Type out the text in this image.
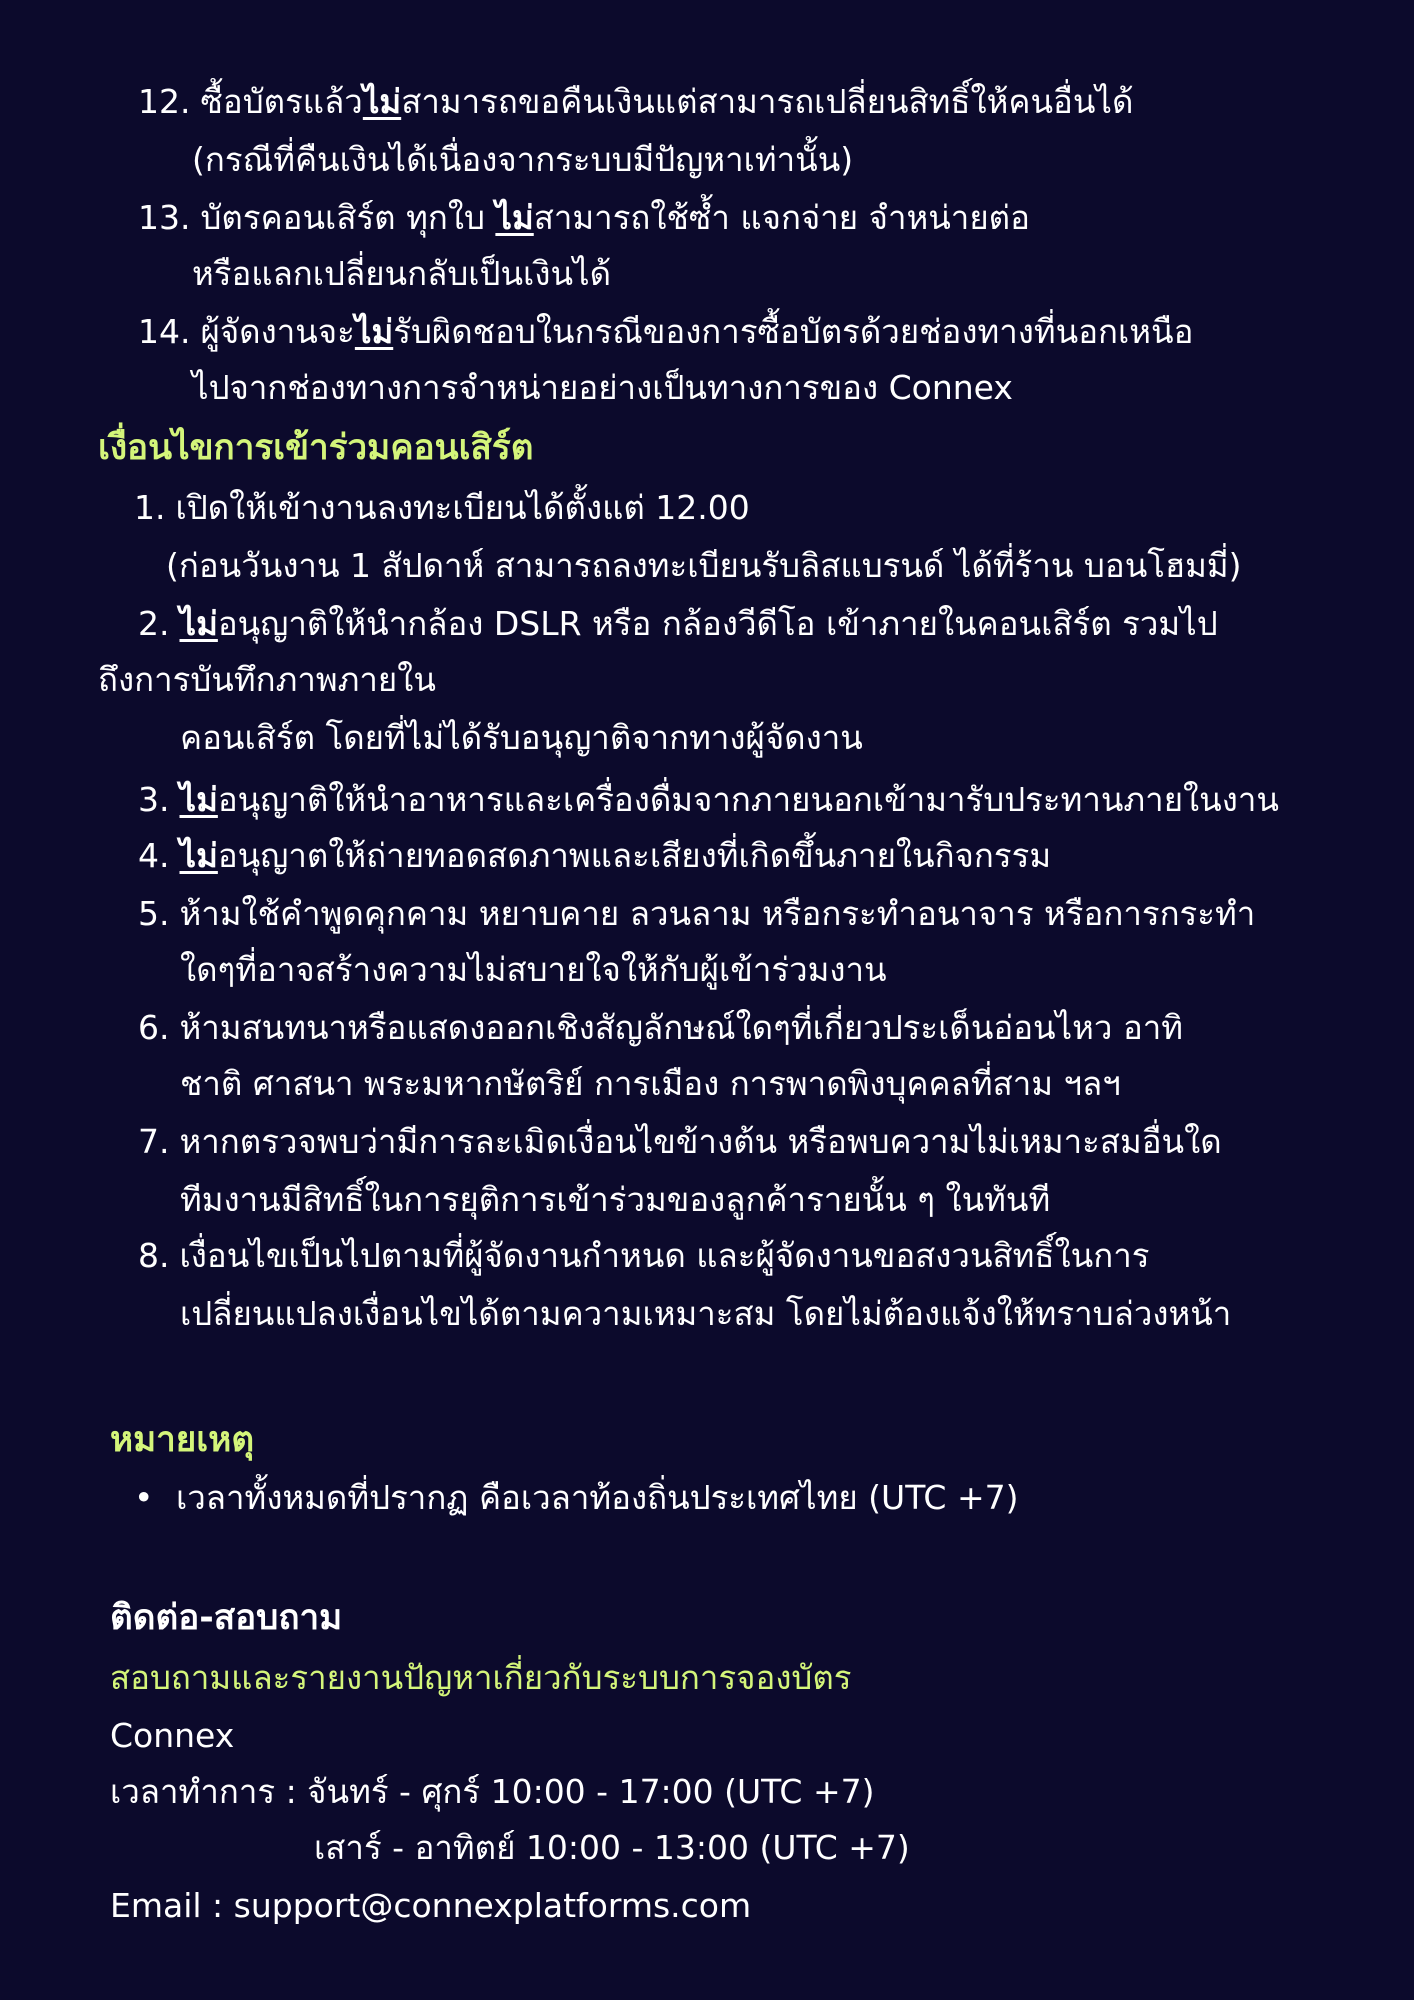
12. ซื้อบัตรแล้วไม่สามารถขอคืนเงินแต่สามารถเปลี่ยนสิทธิ์ให้คนอื่นได้

(กรณีที่คืนเงินได้เนื่องจากระบบมีปัญหาเท่านั้น)

13. บัตรคอนเสิร์ต ทุกใบ ไม่สามารถใช้ซ้ำ แจกจ่าย จำหน่ายต่อ

หรือแลกเปลี่ยนกลับเป็นเงินได้

14. ผู้จัดงานจะไม่รับผิดชอบในกรณีของการซื้อบัตรด้วยช่องทางที่นอกเหนือ

ไปจากช่องทางการจำหน่ายอย่างเป็นทางการของ Connex

เงื่อนไขการเข้าร่วมคอนเสิร์ต

1. เปิดให้เข้างานลงทะเบียนได้ตั้งแต่ 12.00

(ก่อนวันงาน 1 สัปดาห์ สามารถลงทะเบียนรับลิสแบรนด์ ได้ที่ร้าน บอนโฮมมี่)

2. ไม่อนุญาติให้นำกล้อง DSLR หรือ กล้องวีดีโอ เข้าภายในคอนเสิร์ต รวมไป

ถึงการบันทึกภาพภายใน

คอนเสิร์ต โดยที่ไม่ได้รับอนุญาติจากทางผู้จัดงาน

3. ไม่อนุญาติให้นำอาหารและเครื่องดื่มจากภายนอกเข้ามารับประทานภายในงาน

4. ไม่อนุญาตให้ถ่ายทอดสดภาพและเสียงที่เกิดขึ้นภายในกิจกรรม

5. ห้ามใช้คำพูดคุกคาม หยาบคาย ลวนลาม หรือกระทำอนาจาร หรือการกระทำ

ใดๆที่อาจสร้างความไม่สบายใจให้กับผู้เข้าร่วมงาน

6. ห้ามสนทนาหรือแสดงออกเชิงสัญลักษณ์ใดๆที่เกี่ยวประเด็นอ่อนไหว อาทิ

ชาติ ศาสนา พระมหากษัตริย์ การเมือง การพาดพิงบุคคลที่สาม ฯลฯ

7. หากตรวจพบว่ามีการละเมิดเงื่อนไขข้างต้น หรือพบความไม่เหมาะสมอื่นใด

ทีมงานมีสิทธิ์ในการยุติการเข้าร่วมของลูกค้ารายนั้น ๆ ในทันที

8. เงื่อนไขเป็นไปตามที่ผู้จัดงานกำหนด และผู้จัดงานขอสงวนสิทธิ์ในการ

เปลี่ยนแปลงเงื่อนไขได้ตามความเหมาะสม โดยไม่ต้องแจ้งให้ทราบล่วงหน้า

หมายเหตุ

• เวลาทั้งหมดที่ปรากฏ คือเวลาท้องถิ่นประเทศไทย (UTC +7)

ติดต่อ-สอบถาม

สอบถามและรายงานปัญหาเกี่ยวกับระบบการจองบัตร

Connex

เวลาทำการ : จันทร์ - ศุกร์ 10:00 - 17:00 (UTC +7)

เสาร์ - อาทิตย์ 10:00 - 13:00 (UTC +7)

Email : support@connexplatforms.com
